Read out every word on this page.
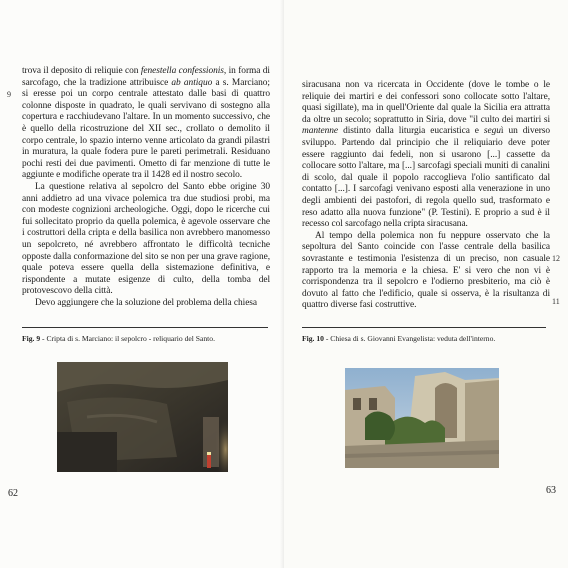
trova il deposito di reliquie con fenestella confessionis, in forma di sarcofago, che la tradizione attribuisce ab antiquo a s. Marciano; si eresse poi un corpo centrale attestato dalle basi di quattro colonne disposte in quadrato, le quali servivano di sostegno alla copertura e racchiudevano l'altare. In un momento successivo, che è quello della ricostruzione del XII sec., crollato o demolito il corpo centrale, lo spazio interno venne articolato da grandi pilastri in muratura, la quale fodera pure le pareti perimetrali. Residuano pochi resti dei due pavimenti. Ometto di far menzione di tutte le aggiunte e modifiche operate tra il 1428 ed il nostro secolo.

La questione relativa al sepolcro del Santo ebbe origine 30 anni addietro ad una vivace polemica tra due studiosi probi, ma con modeste cognizioni archeologiche. Oggi, dopo le ricerche cui fui sollecitato proprio da quella polemica, è agevole osservare che i costruttori della cripta e della basilica non avrebbero manomesso un sepolcreto, né avrebbero affrontato le difficoltà tecniche opposte dalla conformazione del sito se non per una grave ragione, quale poteva essere quella della sistemazione definitiva, e rispondente a mutate esigenze di culto, della tomba del protovescovo della città.

Devo aggiungere che la soluzione del problema della chiesa

9
Fig. 9 - Cripta di s. Marciano: il sepolcro - reliquario del Santo.
62

siracusana non va ricercata in Occidente (dove le tombe o le reliquie dei martiri e dei confessori sono collocate sotto l'altare, quasi sigillate), ma in quell'Oriente dal quale la Sicilia era attratta da oltre un secolo; soprattutto in Siria, dove "il culto dei martiri si mantenne distinto dalla liturgia eucaristica e seguì un diverso sviluppo. Partendo dal principio che il reliquiario deve poter essere raggiunto dai fedeli, non si usarono [...] cassette da collocare sotto l'altare, ma [...] sarcofagi speciali muniti di canalini di scolo, dal quale il popolo raccoglieva l'olio santificato dal contatto [...]. I sarcofagi venivano esposti alla venerazione in uno degli ambienti dei pastofori, di regola quello sud, trasformato e reso adatto alla nuova funzione" (P. Testini). E proprio a sud è il recesso col sarcofago nella cripta siracusana.

Al tempo della polemica non fu neppure osservato che la sepoltura del Santo coincide con l'asse centrale della basilica sovrastante e testimonia l'esistenza di un preciso, non casuale rapporto tra la memoria e la chiesa. E' si vero che non vi è corrispondenza tra il sepolcro e l'odierno presbiterio, ma ciò è dovuto al fatto che l'edificio, quale si osserva, è la risultanza di quattro diverse fasi costruttive.

12
11
Fig. 10 - Chiesa di s. Giovanni Evangelista: veduta dell'interno.
63
